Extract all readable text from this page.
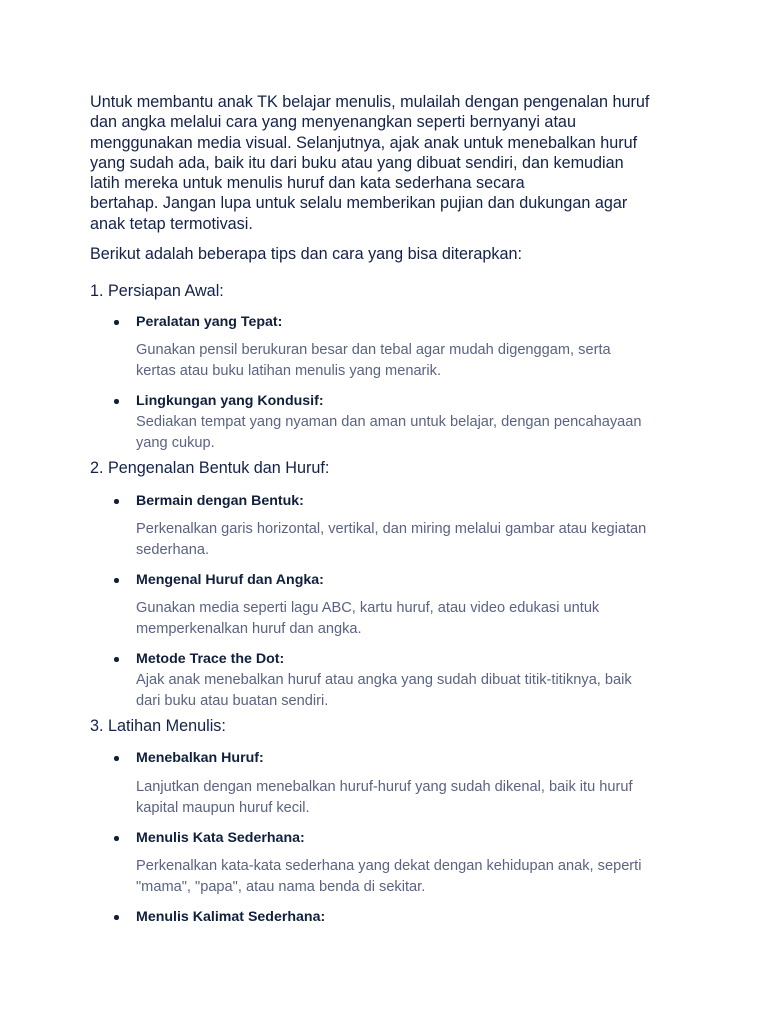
Untuk membantu anak TK belajar menulis, mulailah dengan pengenalan huruf
dan angka melalui cara yang menyenangkan seperti bernyanyi atau
menggunakan media visual. Selanjutnya, ajak anak untuk menebalkan huruf
yang sudah ada, baik itu dari buku atau yang dibuat sendiri, dan kemudian
latih mereka untuk menulis huruf dan kata sederhana secara
bertahap. Jangan lupa untuk selalu memberikan pujian dan dukungan agar
anak tetap termotivasi.

Berikut adalah beberapa tips dan cara yang bisa diterapkan:

1. Persiapan Awal:

Peralatan yang Tepat:

Gunakan pensil berukuran besar dan tebal agar mudah digenggam, serta
kertas atau buku latihan menulis yang menarik.

Lingkungan yang Kondusif:

Sediakan tempat yang nyaman dan aman untuk belajar, dengan pencahayaan
yang cukup.

2. Pengenalan Bentuk dan Huruf:

Bermain dengan Bentuk:

Perkenalkan garis horizontal, vertikal, dan miring melalui gambar atau kegiatan
sederhana.

Mengenal Huruf dan Angka:

Gunakan media seperti lagu ABC, kartu huruf, atau video edukasi untuk
memperkenalkan huruf dan angka.

Metode Trace the Dot:

Ajak anak menebalkan huruf atau angka yang sudah dibuat titik-titiknya, baik
dari buku atau buatan sendiri.

3. Latihan Menulis:

Menebalkan Huruf:

Lanjutkan dengan menebalkan huruf-huruf yang sudah dikenal, baik itu huruf
kapital maupun huruf kecil.

Menulis Kata Sederhana:

Perkenalkan kata-kata sederhana yang dekat dengan kehidupan anak, seperti
"mama", "papa", atau nama benda di sekitar.

Menulis Kalimat Sederhana:
